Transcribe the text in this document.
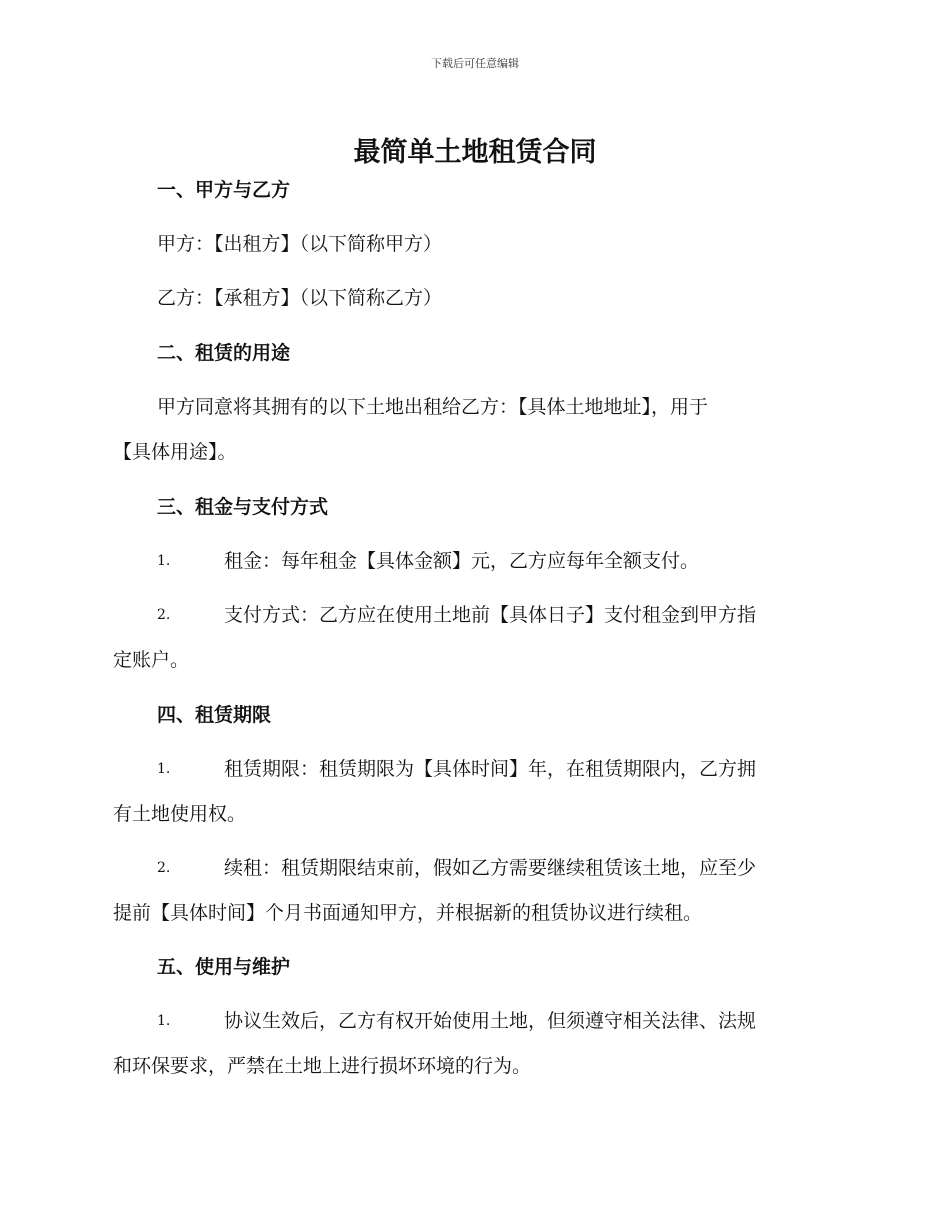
下载后可任意编辑
最简单土地租赁合同
一、甲方与乙方
甲方：【出租方】（以下简称甲方）
乙方：【承租方】（以下简称乙方）
二、租赁的用途
甲方同意将其拥有的以下土地出租给乙方：【具体土地地址】，用于
【具体用途】。
三、租金与支付方式
1.	租金：每年租金【具体金额】元，乙方应每年全额支付。
2.	支付方式：乙方应在使用土地前【具体日子】支付租金到甲方指
定账户。
四、租赁期限
1.	租赁期限：租赁期限为【具体时间】年，在租赁期限内，乙方拥
有土地使用权。
2.	续租：租赁期限结束前，假如乙方需要继续租赁该土地，应至少
提前【具体时间】个月书面通知甲方，并根据新的租赁协议进行续租。
五、使用与维护
1.	协议生效后，乙方有权开始使用土地，但须遵守相关法律、法规
和环保要求，严禁在土地上进行损坏环境的行为。
